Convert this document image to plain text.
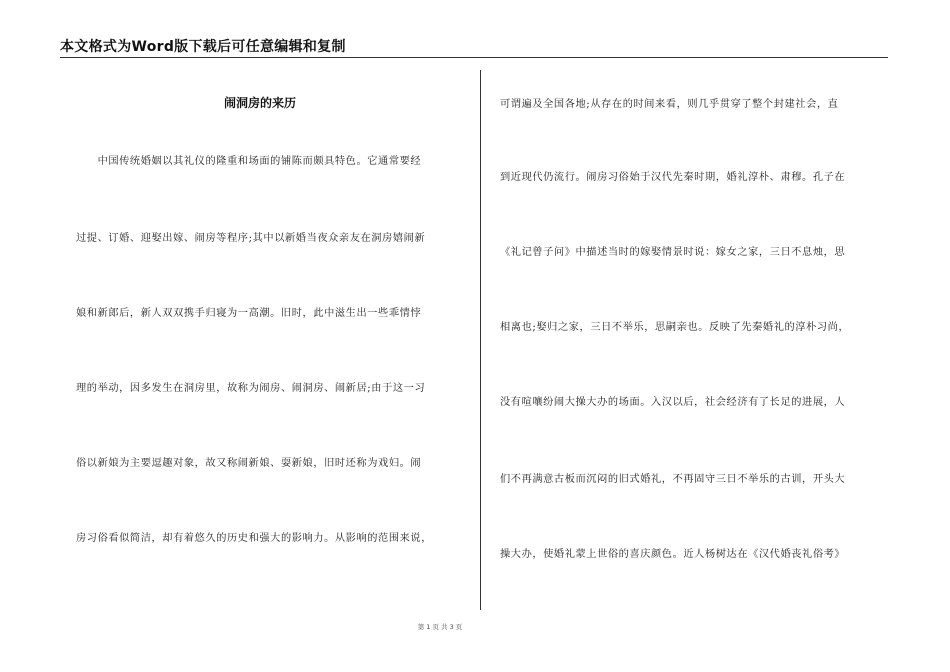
本文格式为Word版下载后可任意编辑和复制
闹洞房的来历
　　中国传统婚姻以其礼仪的隆重和场面的铺陈而颇具特色。它通常要经
过提、订婚、迎娶出嫁、闹房等程序;其中以新婚当夜众亲友在洞房嬉闹新
娘和新郎后，新人双双携手归寝为一高潮。旧时，此中滋生出一些乖情悖
理的举动，因多发生在洞房里，故称为闹房、闹洞房、闹新居;由于这一习
俗以新娘为主要逗趣对象，故又称闹新娘、耍新娘，旧时还称为戏妇。闹
房习俗看似简洁，却有着悠久的历史和强大的影响力。从影响的范围来说，
可谓遍及全国各地;从存在的时间来看，则几乎贯穿了整个封建社会，直
到近现代仍流行。闹房习俗始于汉代先秦时期，婚礼淳朴、肃穆。孔子在
《礼记曾子问》中描述当时的嫁娶情景时说：嫁女之家，三日不息烛，思
相离也;娶归之家，三日不举乐，思嗣亲也。反映了先秦婚礼的淳朴习尚，
没有喧嚷纷闹大操大办的场面。入汉以后，社会经济有了长足的进展，人
们不再满意古板而沉闷的旧式婚礼，不再固守三日不举乐的古训，开头大
操大办，使婚礼蒙上世俗的喜庆颜色。近人杨树达在《汉代婚丧礼俗考》
第 1 页 共 3 页
